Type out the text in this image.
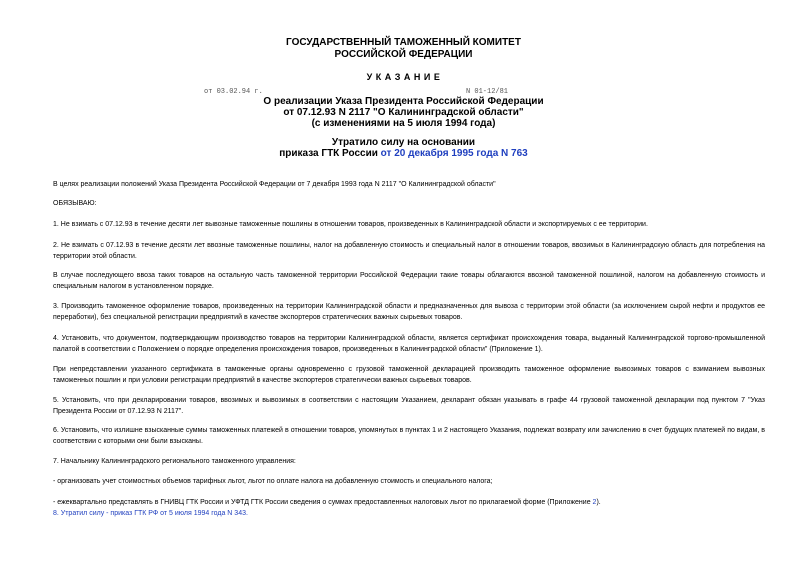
ГОСУДАРСТВЕННЫЙ ТАМОЖЕННЫЙ КОМИТЕТ
РОССИЙСКОЙ ФЕДЕРАЦИИ
У К А З А Н И Е
от 03.02.94 г.	N 01-12/81
О реализации Указа Президента Российской Федерации
от 07.12.93 N 2117 "О Калининградской области"
(с изменениями на 5 июля 1994 года)
Утратило силу на основании
приказа ГТК России от 20 декабря 1995 года N 763
В целях реализации положений Указа Президента Российской Федерации от 7 декабря 1993 года N 2117 "О Калининградской области"
ОБЯЗЫВАЮ:
1. Не взимать с 07.12.93 в течение десяти лет вывозные таможенные пошлины в отношении товаров, произведенных в Калининградской области и экспортируемых с ее территории.
2. Не взимать с 07.12.93 в течение десяти лет ввозные таможенные пошлины, налог на добавленную стоимость и специальный налог в отношении товаров, ввозимых в Калининградскую область для потребления на территории этой области.
В случае последующего ввоза таких товаров на остальную часть таможенной территории Российской Федерации такие товары облагаются ввозной таможенной пошлиной, налогом на добавленную стоимость и специальным налогом в установленном порядке.
3. Производить таможенное оформление товаров, произведенных на территории Калининградской области и предназначенных для вывоза с территории этой области (за исключением сырой нефти и продуктов ее переработки), без специальной регистрации предприятий в качестве экспортеров стратегических важных сырьевых товаров.
4. Установить, что документом, подтверждающим производство товаров на территории Калининградской области, является сертификат происхождения товара, выданный Калининградской торгово-промышленной палатой в соответствии с Положением о порядке определения происхождения товаров, произведенных в Калининградской области" (Приложение 1).
При непредставлении указанного сертификата в таможенные органы одновременно с грузовой таможенной декларацией производить таможенное оформление вывозимых товаров с взиманием вывозных таможенных пошлин и при условии регистрации предприятий в качестве экспортеров стратегически важных сырьевых товаров.
5. Установить, что при декларировании товаров, ввозимых и вывозимых в соответствии с настоящим Указанием, декларант обязан указывать в графе 44 грузовой таможенной декларации под пунктом 7 "Указ Президента России от 07.12.93 N 2117".
6. Установить, что излишне взысканные суммы таможенных платежей в отношении товаров, упомянутых в пунктах 1 и 2 настоящего Указания, подлежат возврату или зачислению в счет будущих платежей по видам, в соответствии с которыми они были взысканы.
7. Начальнику Калининградского регионального таможенного управления:
- организовать учет стоимостных объемов тарифных льгот, льгот по оплате налога на добавленную стоимость и специального налога;
- ежеквартально представлять в ГНИВЦ ГТК России и УФТД ГТК России сведения о суммах предоставленных налоговых льгот по прилагаемой форме (Приложение 2).
8. Утратил силу - приказ ГТК РФ от 5 июля 1994 года N 343.
